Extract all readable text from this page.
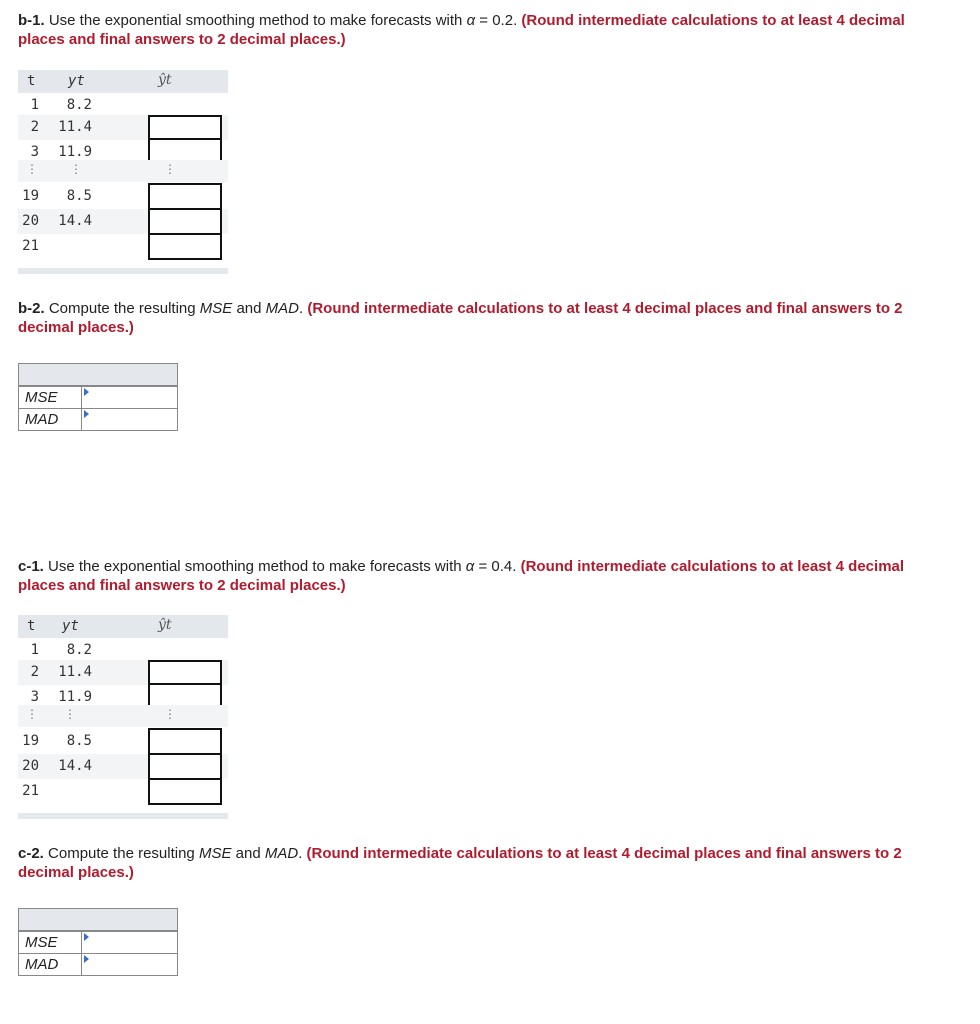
b-1. Use the exponential smoothing method to make forecasts with α = 0.2. (Round intermediate calculations to at least 4 decimal places and final answers to 2 decimal places.)
t	yt	ŷt
1	8.2
2	11.4
3	11.9
⋮	⋮	⋮
19	8.5
20	14.4
21
b-2. Compute the resulting MSE and MAD. (Round intermediate calculations to at least 4 decimal places and final answers to 2 decimal places.)
MSE
MAD
c-1. Use the exponential smoothing method to make forecasts with α = 0.4. (Round intermediate calculations to at least 4 decimal places and final answers to 2 decimal places.)
t	yt	ŷt
1	8.2
2	11.4
3	11.9
⋮ ⋮	⋮
19	8.5
20	14.4
21
c-2. Compute the resulting MSE and MAD. (Round intermediate calculations to at least 4 decimal places and final answers to 2 decimal places.)
MSE
MAD
